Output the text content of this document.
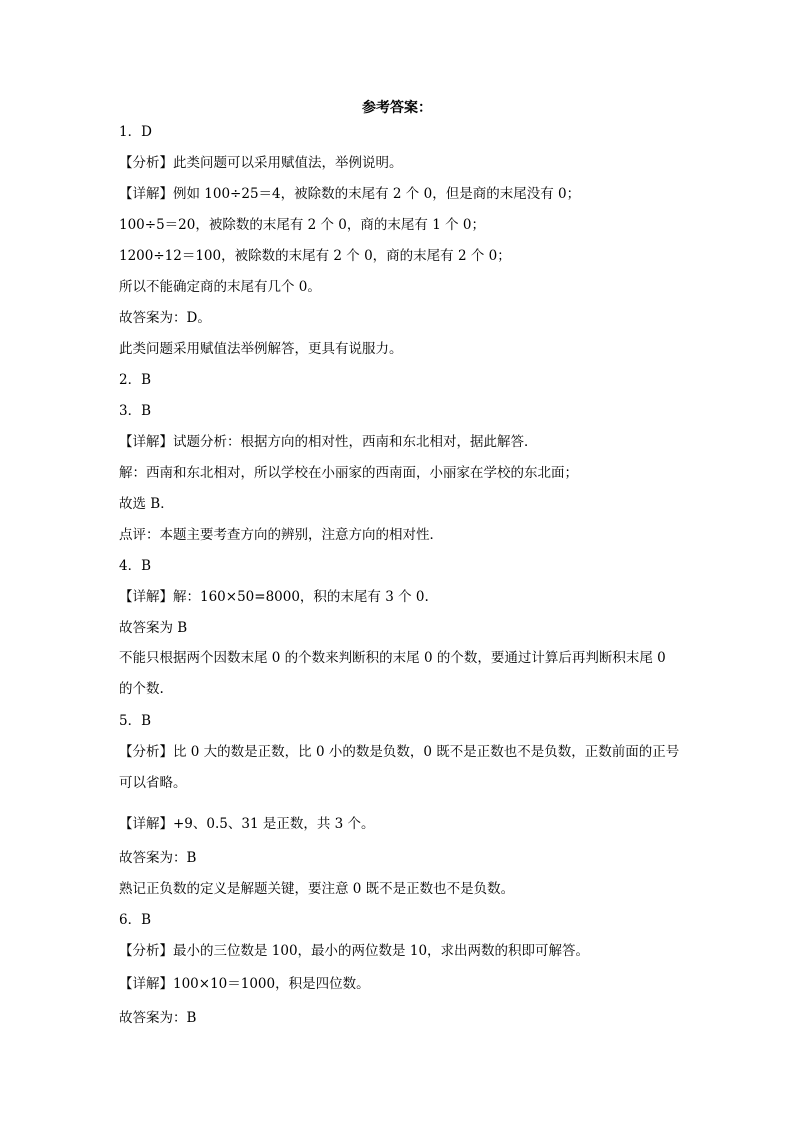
参考答案：
1．D
【分析】此类问题可以采用赋值法，举例说明。
【详解】例如 100÷25＝4，被除数的末尾有 2 个 0，但是商的末尾没有 0；
100÷5＝20，被除数的末尾有 2 个 0，商的末尾有 1 个 0；
1200÷12＝100，被除数的末尾有 2 个 0，商的末尾有 2 个 0；
所以不能确定商的末尾有几个 0。
故答案为：D。
此类问题采用赋值法举例解答，更具有说服力。
2．B
3．B
【详解】试题分析：根据方向的相对性，西南和东北相对，据此解答．
解：西南和东北相对，所以学校在小丽家的西南面，小丽家在学校的东北面；
故选 B．
点评：本题主要考查方向的辨别，注意方向的相对性．
4．B
【详解】解：160×50=8000，积的末尾有 3 个 0.
故答案为 B
不能只根据两个因数末尾 0 的个数来判断积的末尾 0 的个数，要通过计算后再判断积末尾 0 的个数.
5．B
【分析】比 0 大的数是正数，比 0 小的数是负数，0 既不是正数也不是负数，正数前面的正号可以省略。
【详解】+9、0.5、31 是正数，共 3 个。
故答案为：B
熟记正负数的定义是解题关键，要注意 0 既不是正数也不是负数。
6．B
【分析】最小的三位数是 100，最小的两位数是 10，求出两数的积即可解答。
【详解】100×10＝1000，积是四位数。
故答案为：B
